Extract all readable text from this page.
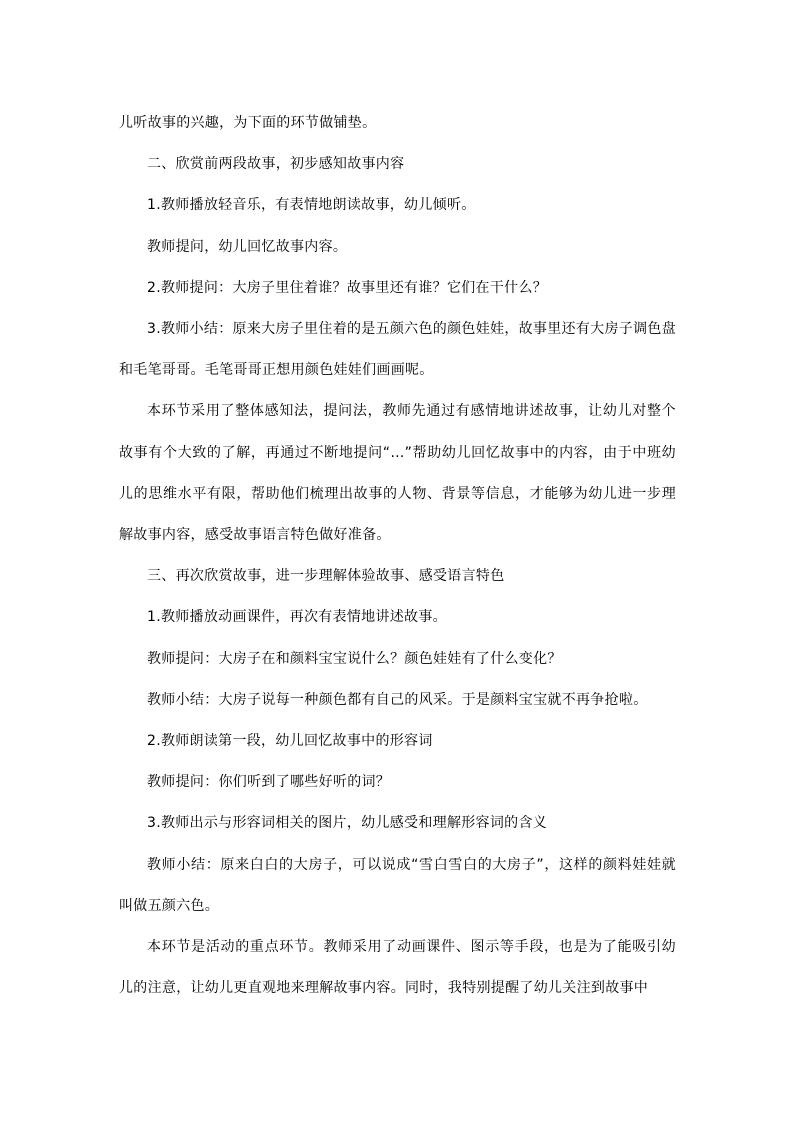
儿听故事的兴趣，为下面的环节做铺垫。

二、欣赏前两段故事，初步感知故事内容

1.教师播放轻音乐，有表情地朗读故事，幼儿倾听。

教师提问，幼儿回忆故事内容。

2.教师提问：大房子里住着谁？故事里还有谁？它们在干什么？

3.教师小结：原来大房子里住着的是五颜六色的颜色娃娃，故事里还有大房子调色盘和毛笔哥哥。毛笔哥哥正想用颜色娃娃们画画呢。

本环节采用了整体感知法，提问法，教师先通过有感情地讲述故事，让幼儿对整个故事有个大致的了解，再通过不断地提问“…”帮助幼儿回忆故事中的内容，由于中班幼儿的思维水平有限，帮助他们梳理出故事的人物、背景等信息，才能够为幼儿进一步理解故事内容，感受故事语言特色做好准备。

三、再次欣赏故事，进一步理解体验故事、感受语言特色

1.教师播放动画课件，再次有表情地讲述故事。

教师提问：大房子在和颜料宝宝说什么？颜色娃娃有了什么变化？

教师小结：大房子说每一种颜色都有自己的风采。于是颜料宝宝就不再争抢啦。

2.教师朗读第一段，幼儿回忆故事中的形容词

教师提问：你们听到了哪些好听的词？

3.教师出示与形容词相关的图片，幼儿感受和理解形容词的含义

教师小结：原来白白的大房子，可以说成“雪白雪白的大房子”，这样的颜料娃娃就叫做五颜六色。

本环节是活动的重点环节。教师采用了动画课件、图示等手段，也是为了能吸引幼儿的注意，让幼儿更直观地来理解故事内容。同时，我特别提醒了幼儿关注到故事中
